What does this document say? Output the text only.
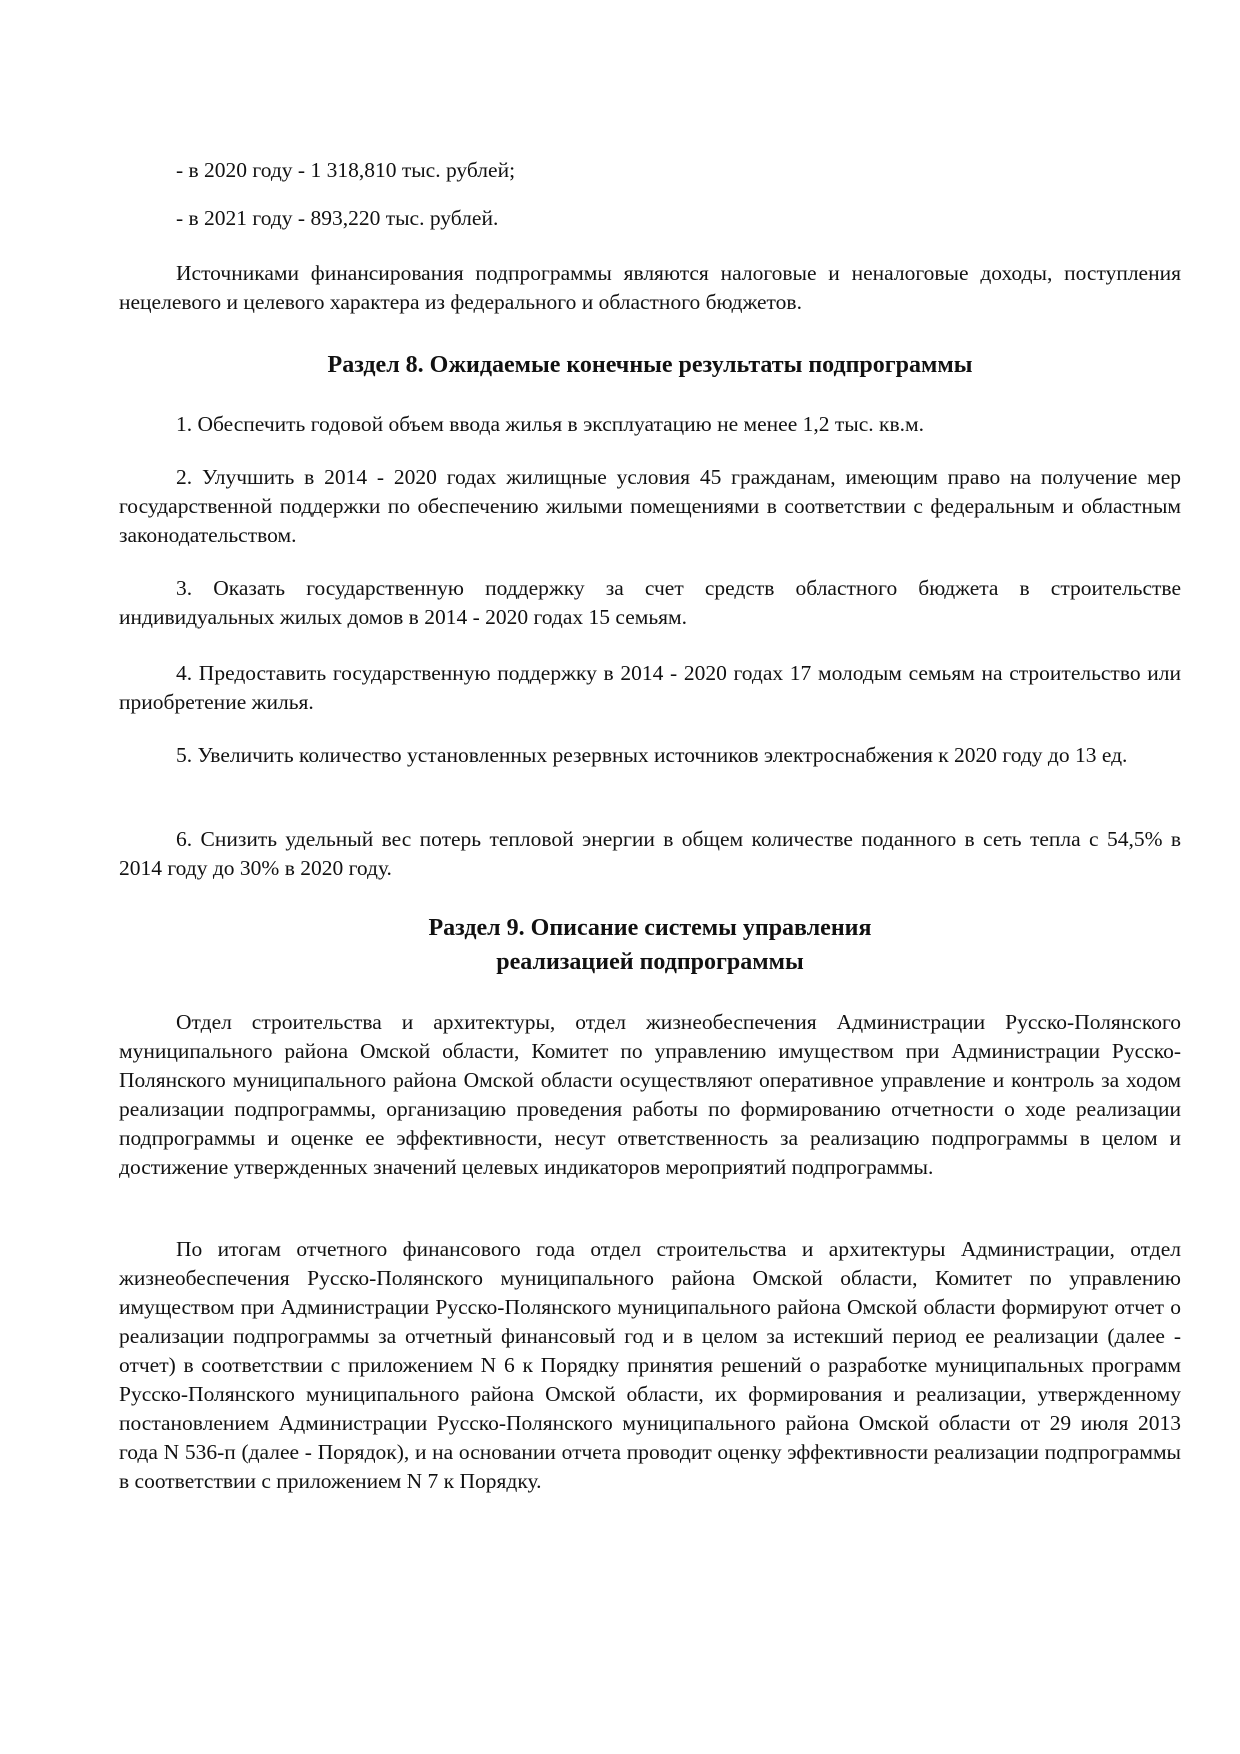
- в 2020 году - 1 318,810 тыс. рублей;
- в 2021 году - 893,220 тыс. рублей.
Источниками финансирования подпрограммы являются налоговые и неналоговые доходы, поступления нецелевого и целевого характера из федерального и областного бюджетов.
Раздел 8. Ожидаемые конечные результаты подпрограммы
1. Обеспечить годовой объем ввода жилья в эксплуатацию не менее 1,2 тыс. кв.м.
2. Улучшить в 2014 - 2020 годах жилищные условия 45 гражданам, имеющим право на получение мер государственной поддержки по обеспечению жилыми помещениями в соответствии с федеральным и областным законодательством.
3. Оказать государственную поддержку за счет средств областного бюджета в строительстве индивидуальных жилых домов в 2014 - 2020 годах 15 семьям.
4. Предоставить государственную поддержку в 2014 - 2020 годах 17 молодым семьям на строительство или приобретение жилья.
5. Увеличить количество установленных резервных источников электроснабжения к 2020 году до 13 ед.
6. Снизить удельный вес потерь тепловой энергии в общем количестве поданного в сеть тепла с 54,5% в 2014 году до 30% в 2020 году.
Раздел 9. Описание системы управления
реализацией подпрограммы
Отдел строительства и архитектуры, отдел жизнеобеспечения Администрации Русско-Полянского муниципального района Омской области, Комитет по управлению имуществом при Администрации Русско-Полянского муниципального района Омской области осуществляют оперативное управление и контроль за ходом реализации подпрограммы, организацию проведения работы по формированию отчетности о ходе реализации подпрограммы и оценке ее эффективности, несут ответственность за реализацию подпрограммы в целом и достижение утвержденных значений целевых индикаторов мероприятий подпрограммы.
По итогам отчетного финансового года отдел строительства и архитектуры Администрации, отдел жизнеобеспечения Русско-Полянского муниципального района Омской области, Комитет по управлению имуществом при Администрации Русско-Полянского муниципального района Омской области формируют отчет о реализации подпрограммы за отчетный финансовый год и в целом за истекший период ее реализации (далее - отчет) в соответствии с приложением N 6 к Порядку принятия решений о разработке муниципальных программ Русско-Полянского муниципального района Омской области, их формирования и реализации, утвержденному постановлением Администрации Русско-Полянского муниципального района Омской области от 29 июля 2013 года N 536-п (далее - Порядок), и на основании отчета проводит оценку эффективности реализации подпрограммы в соответствии с приложением N 7 к Порядку.
